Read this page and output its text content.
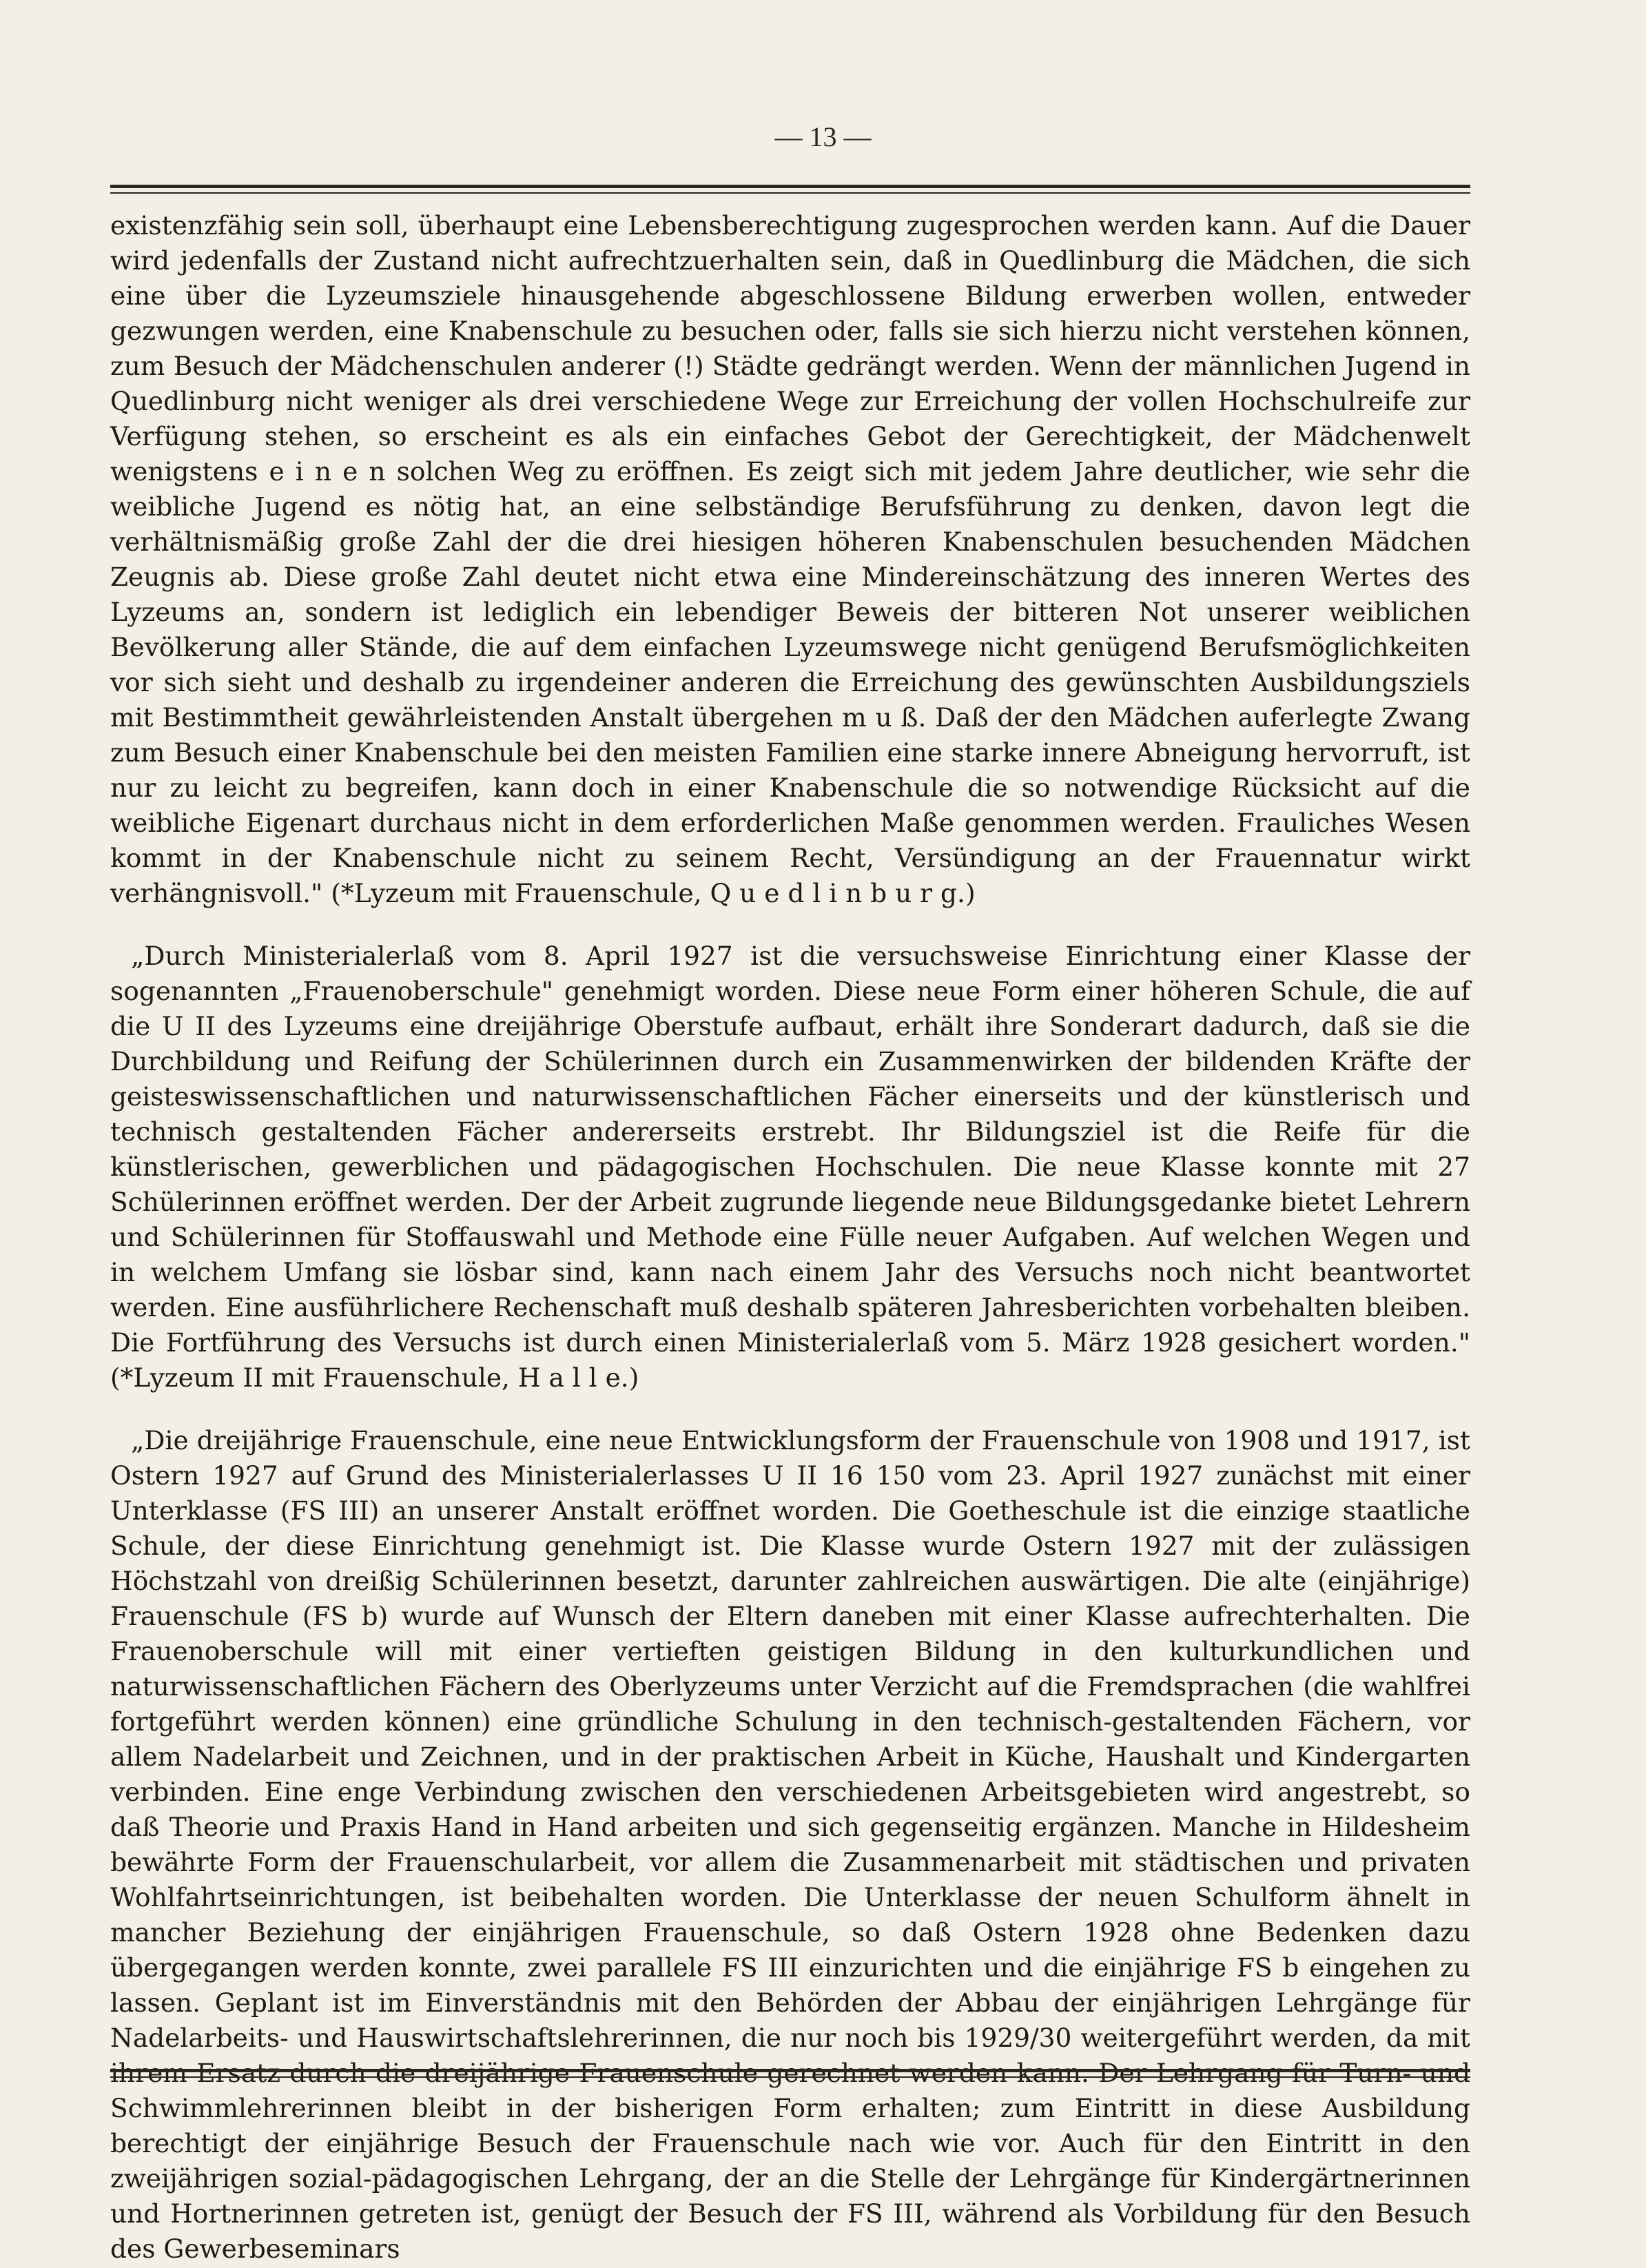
— 13 —

existenzfähig sein soll, überhaupt eine Lebensberechtigung zugesprochen werden kann. Auf die Dauer wird jedenfalls der Zustand nicht aufrechtzuerhalten sein, daß in Quedlinburg die Mädchen, die sich eine über die Lyzeumsziele hinausgehende abgeschlossene Bildung erwerben wollen, entweder gezwungen werden, eine Knabenschule zu besuchen oder, falls sie sich hierzu nicht verstehen können, zum Besuch der Mädchenschulen anderer (!) Städte gedrängt werden. Wenn der männlichen Jugend in Quedlinburg nicht weniger als drei verschiedene Wege zur Erreichung der vollen Hochschulreife zur Verfügung stehen, so erscheint es als ein einfaches Gebot der Gerechtigkeit, der Mädchenwelt wenigstens e i n e n solchen Weg zu eröffnen. Es zeigt sich mit jedem Jahre deutlicher, wie sehr die weibliche Jugend es nötig hat, an eine selbständige Berufsführung zu denken, davon legt die verhältnismäßig große Zahl der die drei hiesigen höheren Knabenschulen besuchenden Mädchen Zeugnis ab. Diese große Zahl deutet nicht etwa eine Mindereinschätzung des inneren Wertes des Lyzeums an, sondern ist lediglich ein lebendiger Beweis der bitteren Not unserer weiblichen Bevölkerung aller Stände, die auf dem einfachen Lyzeumswege nicht genügend Berufsmöglichkeiten vor sich sieht und deshalb zu irgendeiner anderen die Erreichung des gewünschten Ausbildungsziels mit Bestimmtheit gewährleistenden Anstalt übergehen m u ß. Daß der den Mädchen auferlegte Zwang zum Besuch einer Knabenschule bei den meisten Familien eine starke innere Abneigung hervorruft, ist nur zu leicht zu begreifen, kann doch in einer Knabenschule die so notwendige Rücksicht auf die weibliche Eigenart durchaus nicht in dem erforderlichen Maße genommen werden. Frauliches Wesen kommt in der Knabenschule nicht zu seinem Recht, Versündigung an der Frauennatur wirkt verhängnisvoll." (*Lyzeum mit Frauenschule, Q u e d l i n b u r g.)

„Durch Ministerialerlaß vom 8. April 1927 ist die versuchsweise Einrichtung einer Klasse der sogenannten „Frauenoberschule" genehmigt worden. Diese neue Form einer höheren Schule, die auf die U II des Lyzeums eine dreijährige Oberstufe aufbaut, erhält ihre Sonderart dadurch, daß sie die Durchbildung und Reifung der Schülerinnen durch ein Zusammenwirken der bildenden Kräfte der geisteswissenschaftlichen und naturwissenschaftlichen Fächer einerseits und der künstlerisch und technisch gestaltenden Fächer andererseits erstrebt. Ihr Bildungsziel ist die Reife für die künstlerischen, gewerblichen und pädagogischen Hochschulen. Die neue Klasse konnte mit 27 Schülerinnen eröffnet werden. Der der Arbeit zugrunde liegende neue Bildungsgedanke bietet Lehrern und Schülerinnen für Stoffauswahl und Methode eine Fülle neuer Aufgaben. Auf welchen Wegen und in welchem Umfang sie lösbar sind, kann nach einem Jahr des Versuchs noch nicht beantwortet werden. Eine ausführlichere Rechenschaft muß deshalb späteren Jahresberichten vorbehalten bleiben. Die Fortführung des Versuchs ist durch einen Ministerialerlaß vom 5. März 1928 gesichert worden." (*Lyzeum II mit Frauenschule, H a l l e.)

„Die dreijährige Frauenschule, eine neue Entwicklungsform der Frauenschule von 1908 und 1917, ist Ostern 1927 auf Grund des Ministerialerlasses U II 16 150 vom 23. April 1927 zunächst mit einer Unterklasse (FS III) an unserer Anstalt eröffnet worden. Die Goetheschule ist die einzige staatliche Schule, der diese Einrichtung genehmigt ist. Die Klasse wurde Ostern 1927 mit der zulässigen Höchstzahl von dreißig Schülerinnen besetzt, darunter zahlreichen auswärtigen. Die alte (einjährige) Frauenschule (FS b) wurde auf Wunsch der Eltern daneben mit einer Klasse aufrechterhalten. Die Frauenoberschule will mit einer vertieften geistigen Bildung in den kulturkundlichen und naturwissenschaftlichen Fächern des Oberlyzeums unter Verzicht auf die Fremdsprachen (die wahlfrei fortgeführt werden können) eine gründliche Schulung in den technisch-gestaltenden Fächern, vor allem Nadelarbeit und Zeichnen, und in der praktischen Arbeit in Küche, Haushalt und Kindergarten verbinden. Eine enge Verbindung zwischen den verschiedenen Arbeitsgebieten wird angestrebt, so daß Theorie und Praxis Hand in Hand arbeiten und sich gegenseitig ergänzen. Manche in Hildesheim bewährte Form der Frauenschularbeit, vor allem die Zusammenarbeit mit städtischen und privaten Wohlfahrtseinrichtungen, ist beibehalten worden. Die Unterklasse der neuen Schulform ähnelt in mancher Beziehung der einjährigen Frauenschule, so daß Ostern 1928 ohne Bedenken dazu übergegangen werden konnte, zwei parallele FS III einzurichten und die einjährige FS b eingehen zu lassen. Geplant ist im Einverständnis mit den Behörden der Abbau der einjährigen Lehrgänge für Nadelarbeits- und Hauswirtschaftslehrerinnen, die nur noch bis 1929/30 weitergeführt werden, da mit ihrem Ersatz durch die dreijährige Frauenschule gerechnet werden kann. Der Lehrgang für Turn- und Schwimmlehrerinnen bleibt in der bisherigen Form erhalten; zum Eintritt in diese Ausbildung berechtigt der einjährige Besuch der Frauenschule nach wie vor. Auch für den Eintritt in den zweijährigen sozial-pädagogischen Lehrgang, der an die Stelle der Lehrgänge für Kindergärtnerinnen und Hortnerinnen getreten ist, genügt der Besuch der FS III, während als Vorbildung für den Besuch des Gewerbeseminars
